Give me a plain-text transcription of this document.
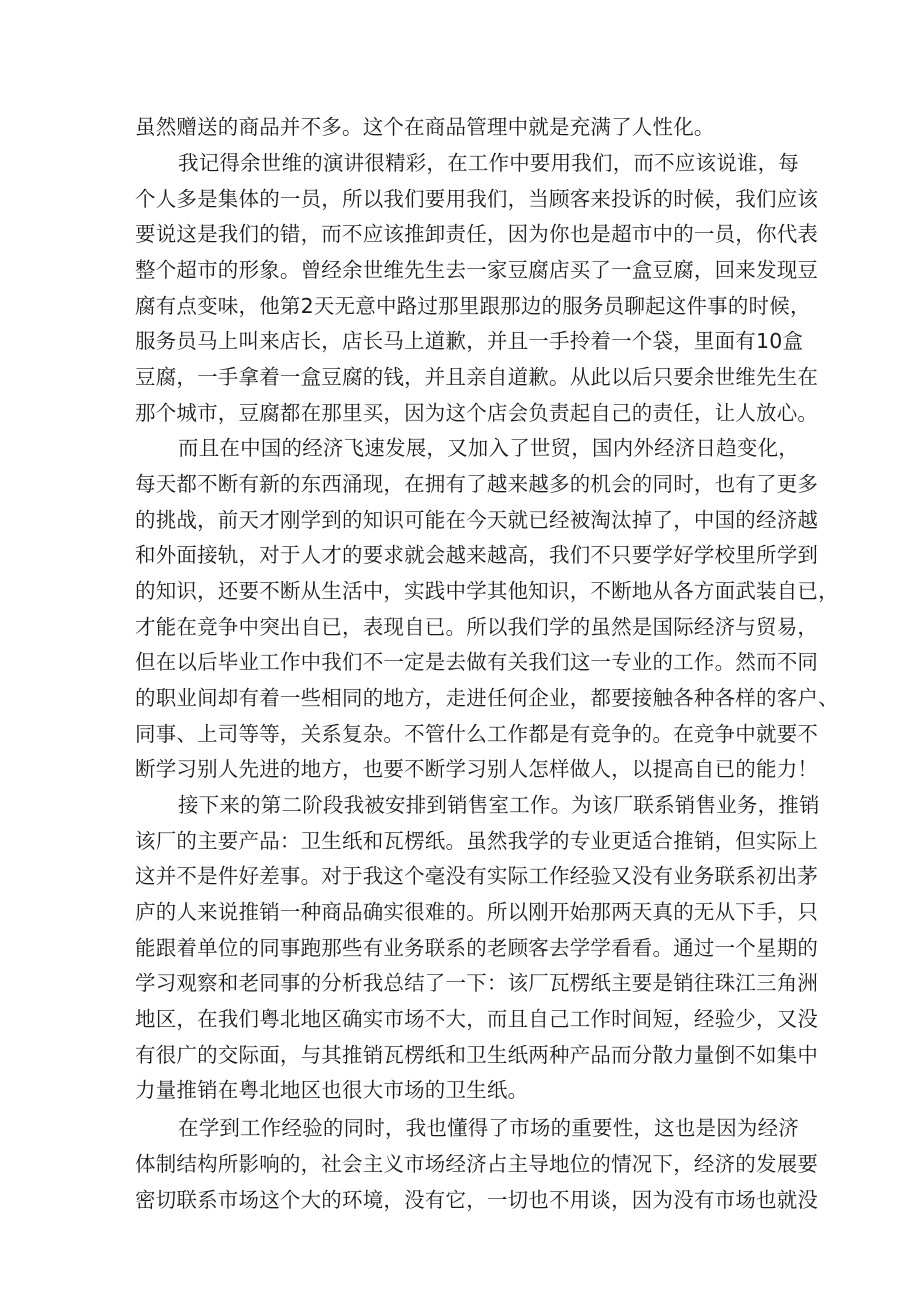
虽然赠送的商品并不多。这个在商品管理中就是充满了人性化。
我记得余世维的演讲很精彩，在工作中要用我们，而不应该说谁，每
个人多是集体的一员，所以我们要用我们，当顾客来投诉的时候，我们应该
要说这是我们的错，而不应该推卸责任，因为你也是超市中的一员，你代表
整个超市的形象。曾经余世维先生去一家豆腐店买了一盒豆腐，回来发现豆
腐有点变味，他第2天无意中路过那里跟那边的服务员聊起这件事的时候，
服务员马上叫来店长，店长马上道歉，并且一手拎着一个袋，里面有10盒
豆腐，一手拿着一盒豆腐的钱，并且亲自道歉。从此以后只要余世维先生在
那个城市，豆腐都在那里买，因为这个店会负责起自己的责任，让人放心。
而且在中国的经济飞速发展，又加入了世贸，国内外经济日趋变化，
每天都不断有新的东西涌现，在拥有了越来越多的机会的同时，也有了更多
的挑战，前天才刚学到的知识可能在今天就已经被淘汰掉了，中国的经济越
和外面接轨，对于人才的要求就会越来越高，我们不只要学好学校里所学到
的知识，还要不断从生活中，实践中学其他知识，不断地从各方面武装自已，
才能在竞争中突出自已，表现自已。所以我们学的虽然是国际经济与贸易，
但在以后毕业工作中我们不一定是去做有关我们这一专业的工作。然而不同
的职业间却有着一些相同的地方，走进任何企业，都要接触各种各样的客户、
同事、上司等等，关系复杂。不管什么工作都是有竞争的。在竞争中就要不
断学习别人先进的地方，也要不断学习别人怎样做人，以提高自已的能力！
接下来的第二阶段我被安排到销售室工作。为该厂联系销售业务，推销
该厂的主要产品：卫生纸和瓦楞纸。虽然我学的专业更适合推销，但实际上
这并不是件好差事。对于我这个毫没有实际工作经验又没有业务联系初出茅
庐的人来说推销一种商品确实很难的。所以刚开始那两天真的无从下手，只
能跟着单位的同事跑那些有业务联系的老顾客去学学看看。通过一个星期的
学习观察和老同事的分析我总结了一下：该厂瓦楞纸主要是销往珠江三角洲
地区，在我们粤北地区确实市场不大，而且自己工作时间短，经验少，又没
有很广的交际面，与其推销瓦楞纸和卫生纸两种产品而分散力量倒不如集中
力量推销在粤北地区也很大市场的卫生纸。
在学到工作经验的同时，我也懂得了市场的重要性，这也是因为经济
体制结构所影响的，社会主义市场经济占主导地位的情况下，经济的发展要
密切联系市场这个大的环境，没有它，一切也不用谈，因为没有市场也就没
